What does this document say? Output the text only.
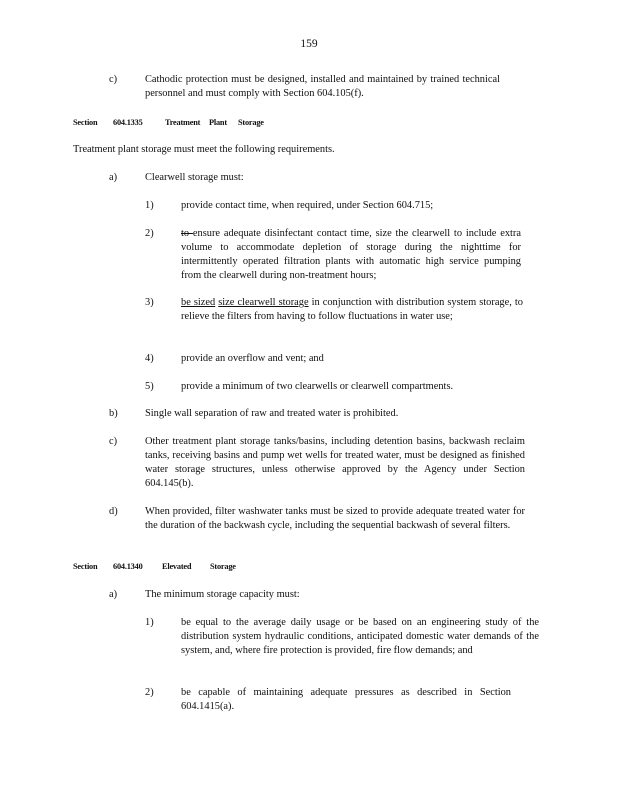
159
c)	Cathodic protection must be designed, installed and maintained by trained technical personnel and must comply with Section 604.105(f).
Section 604.1335	Treatment Plant Storage
Treatment plant storage must meet the following requirements.
a)	Clearwell storage must:
1)	provide contact time, when required, under Section 604.715;
2)	to ensure adequate disinfectant contact time, size the clearwell to include extra volume to accommodate depletion of storage during the nighttime for intermittently operated filtration plants with automatic high service pumping from the clearwell during non-treatment hours;
3)	be sized size clearwell storage in conjunction with distribution system storage, to relieve the filters from having to follow fluctuations in water use;
4)	provide an overflow and vent; and
5)	provide a minimum of two clearwells or clearwell compartments.
b)	Single wall separation of raw and treated water is prohibited.
c)	Other treatment plant storage tanks/basins, including detention basins, backwash reclaim tanks, receiving basins and pump wet wells for treated water, must be designed as finished water storage structures, unless otherwise approved by the Agency under Section 604.145(b).
d)	When provided, filter washwater tanks must be sized to provide adequate treated water for the duration of the backwash cycle, including the sequential backwash of several filters.
Section 604.1340 Elevated Storage
a)	The minimum storage capacity must:
1)	be equal to the average daily usage or be based on an engineering study of the distribution system hydraulic conditions, anticipated domestic water demands of the system, and, where fire protection is provided, fire flow demands; and
2)	be capable of maintaining adequate pressures as described in Section 604.1415(a).
